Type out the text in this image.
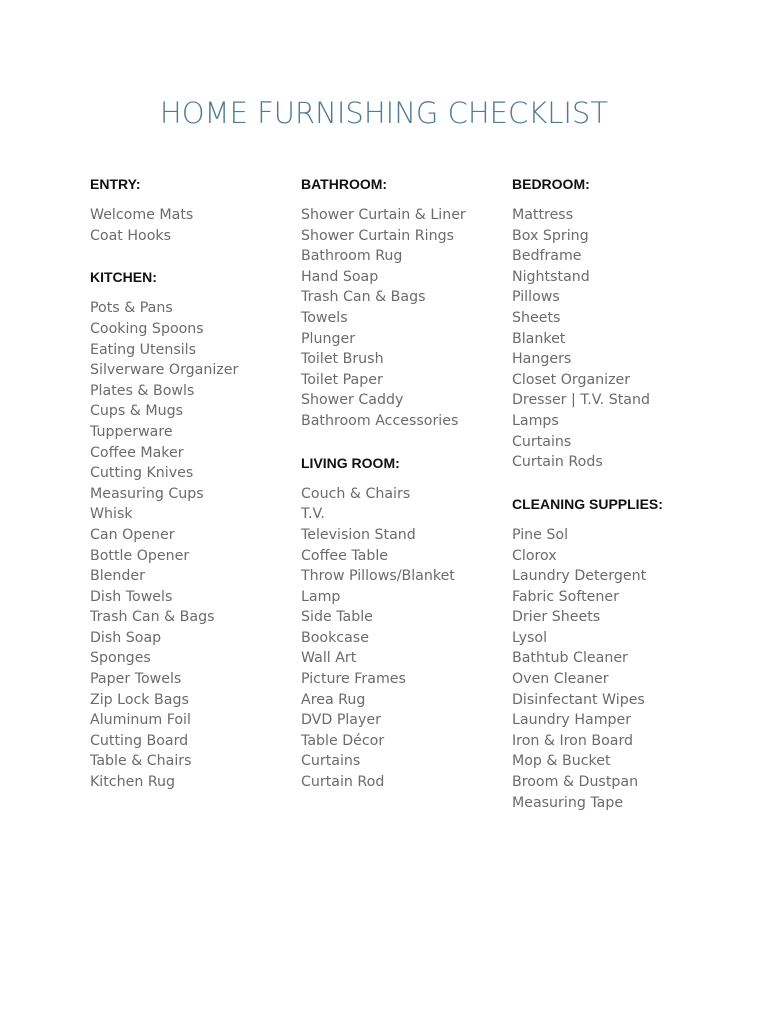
HOME FURNISHING CHECKLIST
ENTRY:
Welcome Mats
Coat Hooks
KITCHEN:
Pots & Pans
Cooking Spoons
Eating Utensils
Silverware Organizer
Plates & Bowls
Cups & Mugs
Tupperware
Coffee Maker
Cutting Knives
Measuring Cups
Whisk
Can Opener
Bottle Opener
Blender
Dish Towels
Trash Can & Bags
Dish Soap
Sponges
Paper Towels
Zip Lock Bags
Aluminum Foil
Cutting Board
Table & Chairs
Kitchen Rug
BATHROOM:
Shower Curtain & Liner
Shower Curtain Rings
Bathroom Rug
Hand Soap
Trash Can & Bags
Towels
Plunger
Toilet Brush
Toilet Paper
Shower Caddy
Bathroom Accessories
LIVING ROOM:
Couch & Chairs
T.V.
Television Stand
Coffee Table
Throw Pillows/Blanket
Lamp
Side Table
Bookcase
Wall Art
Picture Frames
Area Rug
DVD Player
Table Décor
Curtains
Curtain Rod
BEDROOM:
Mattress
Box Spring
Bedframe
Nightstand
Pillows
Sheets
Blanket
Hangers
Closet Organizer
Dresser | T.V. Stand
Lamps
Curtains
Curtain Rods
CLEANING SUPPLIES:
Pine Sol
Clorox
Laundry Detergent
Fabric Softener
Drier Sheets
Lysol
Bathtub Cleaner
Oven Cleaner
Disinfectant Wipes
Laundry Hamper
Iron & Iron Board
Mop & Bucket
Broom & Dustpan
Measuring Tape
